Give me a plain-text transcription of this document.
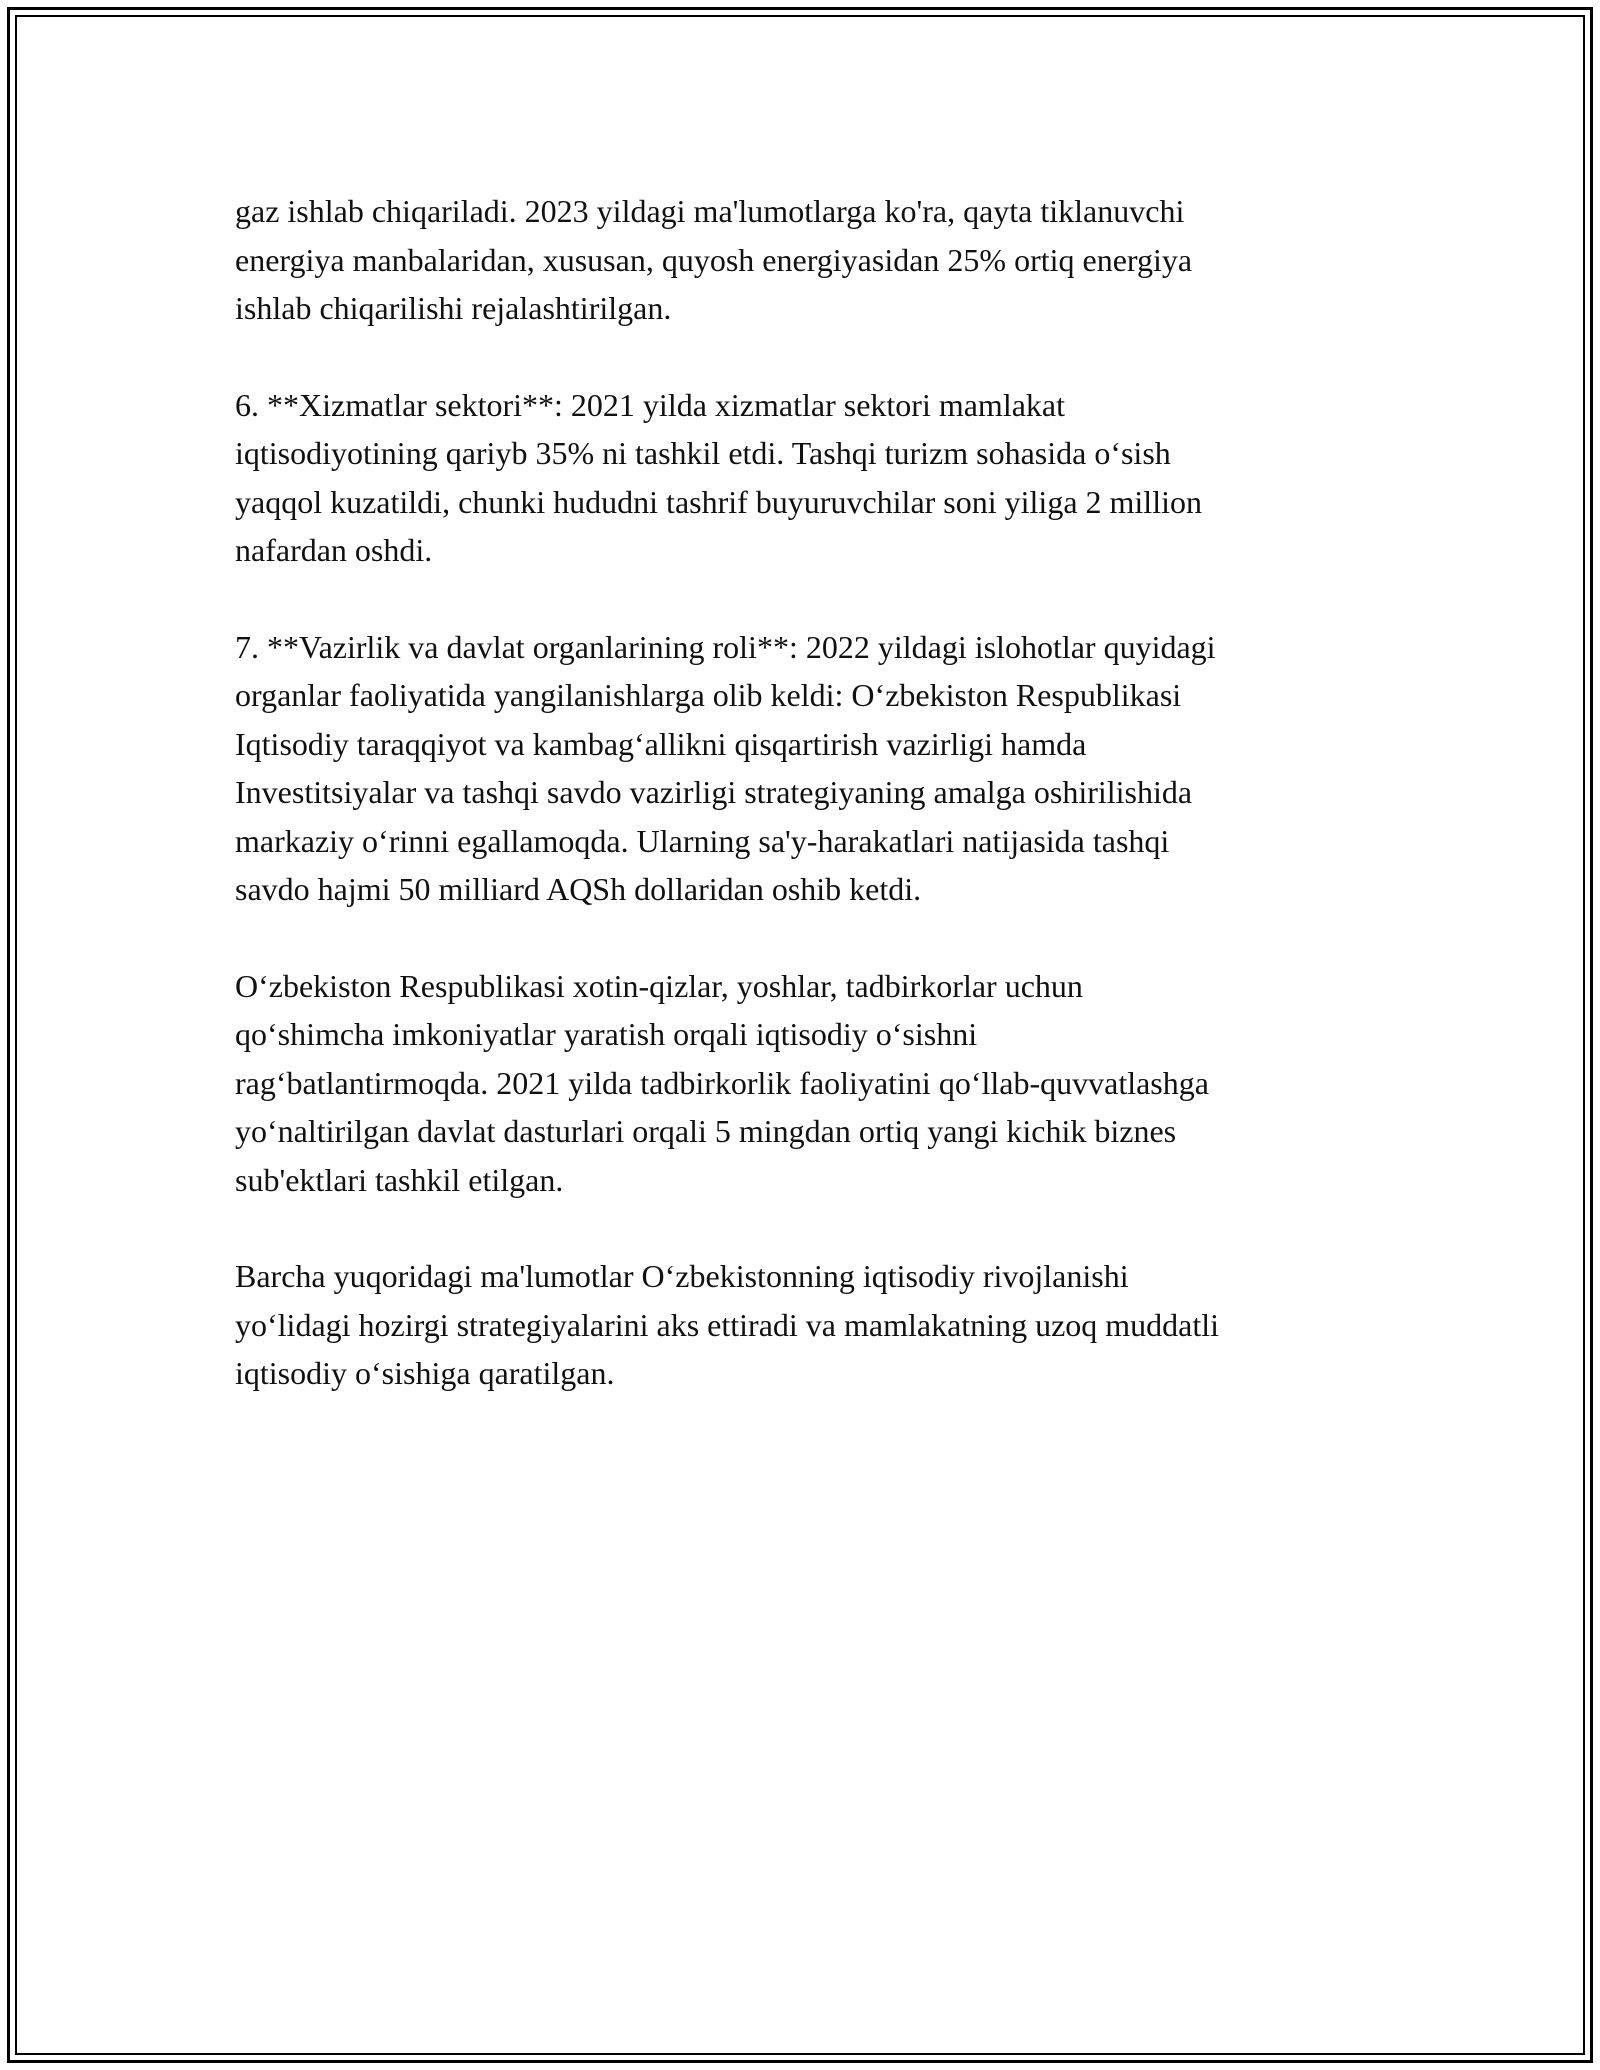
gaz ishlab chiqariladi. 2023 yildagi ma'lumotlarga ko'ra, qayta tiklanuvchi
energiya manbalaridan, xususan, quyosh energiyasidan 25% ortiq energiya
ishlab chiqarilishi rejalashtirilgan.

6. **Xizmatlar sektori**: 2021 yilda xizmatlar sektori mamlakat
iqtisodiyotining qariyb 35% ni tashkil etdi. Tashqi turizm sohasida o‘sish
yaqqol kuzatildi, chunki hududni tashrif buyuruvchilar soni yiliga 2 million
nafardan oshdi.

7. **Vazirlik va davlat organlarining roli**: 2022 yildagi islohotlar quyidagi
organlar faoliyatida yangilanishlarga olib keldi: O‘zbekiston Respublikasi
Iqtisodiy taraqqiyot va kambag‘allikni qisqartirish vazirligi hamda
Investitsiyalar va tashqi savdo vazirligi strategiyaning amalga oshirilishida
markaziy o‘rinni egallamoqda. Ularning sa'y-harakatlari natijasida tashqi
savdo hajmi 50 milliard AQSh dollaridan oshib ketdi.

O‘zbekiston Respublikasi xotin-qizlar, yoshlar, tadbirkorlar uchun
qo‘shimcha imkoniyatlar yaratish orqali iqtisodiy o‘sishni
rag‘batlantirmoqda. 2021 yilda tadbirkorlik faoliyatini qo‘llab-quvvatlashga
yo‘naltirilgan davlat dasturlari orqali 5 mingdan ortiq yangi kichik biznes
sub'ektlari tashkil etilgan.

Barcha yuqoridagi ma'lumotlar O‘zbekistonning iqtisodiy rivojlanishi
yo‘lidagi hozirgi strategiyalarini aks ettiradi va mamlakatning uzoq muddatli
iqtisodiy o‘sishiga qaratilgan.
